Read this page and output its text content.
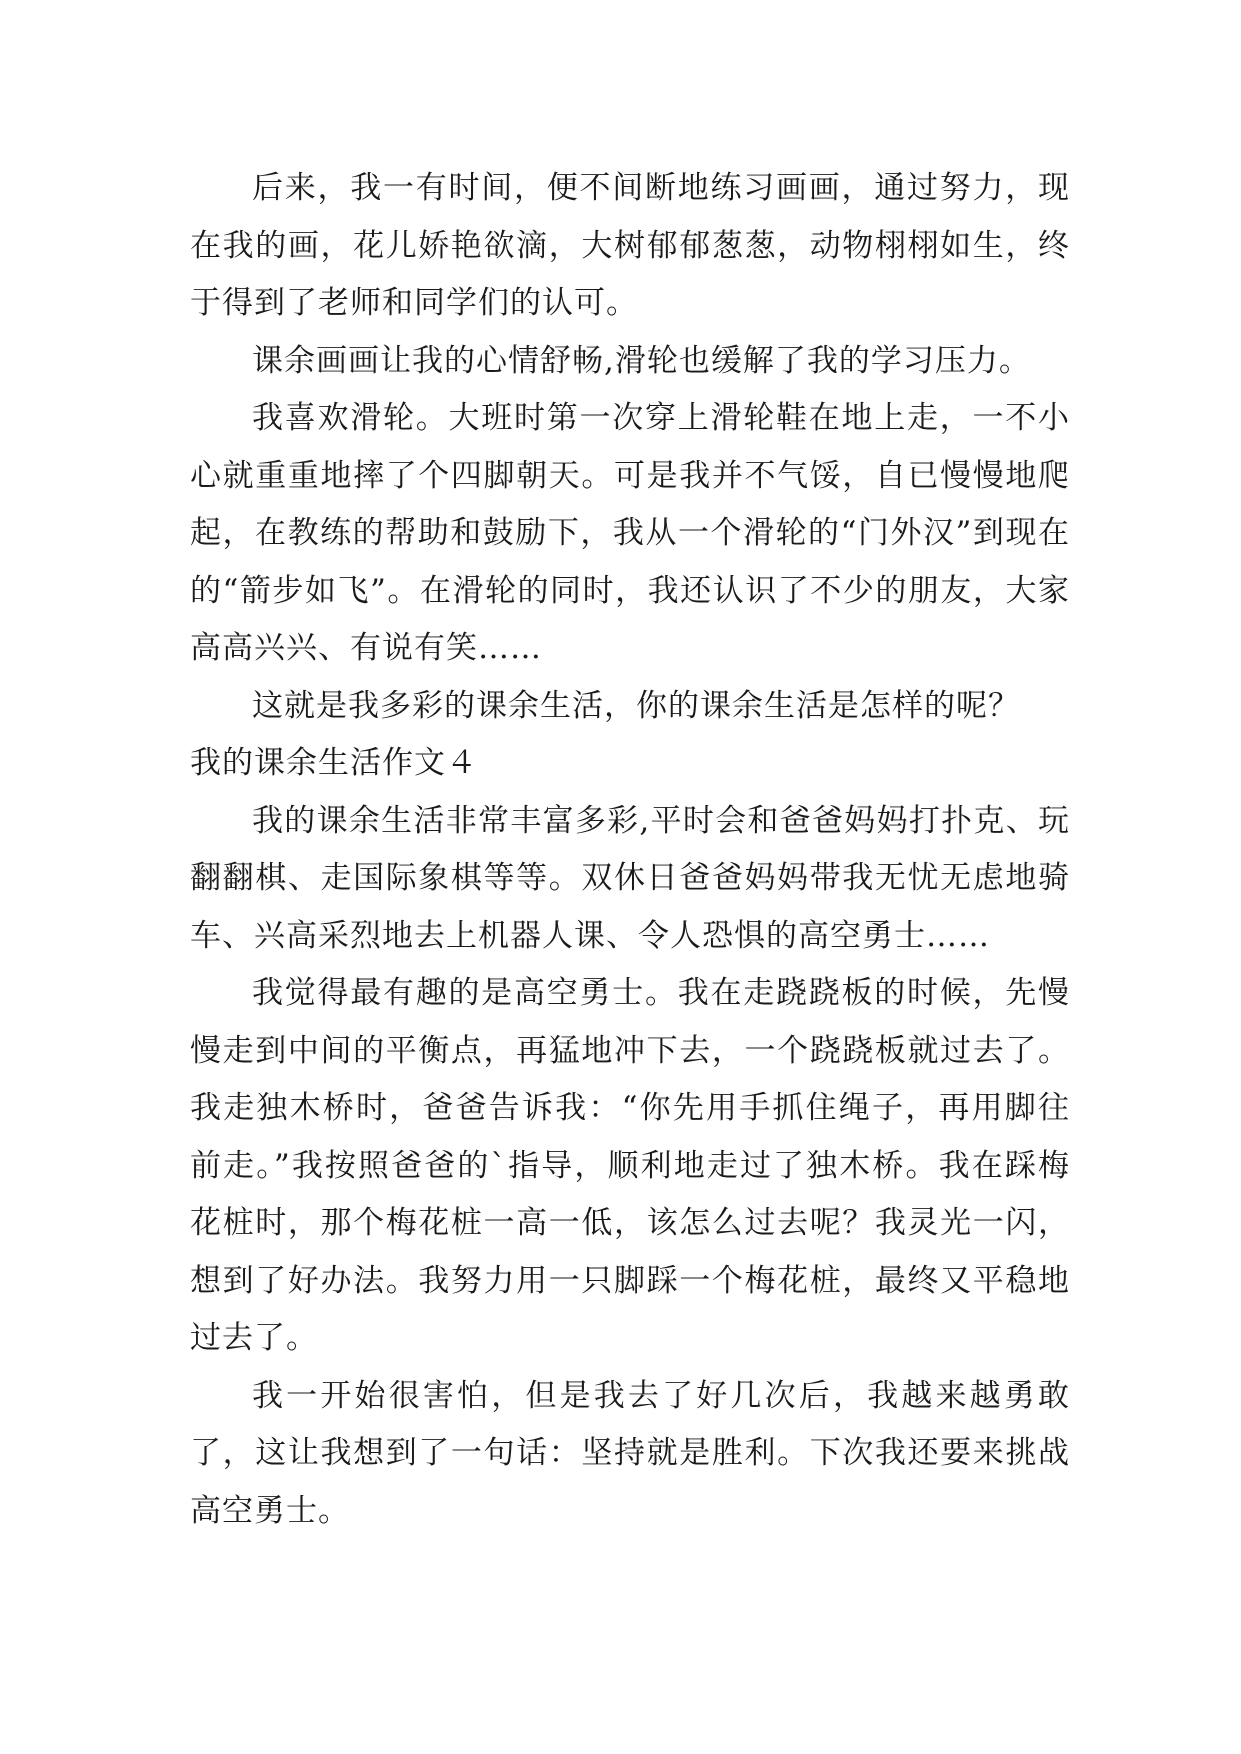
后来，我一有时间，便不间断地练习画画，通过努力，现在我的画，花儿娇艳欲滴，大树郁郁葱葱，动物栩栩如生，终于得到了老师和同学们的认可。

课余画画让我的心情舒畅,滑轮也缓解了我的学习压力。

我喜欢滑轮。大班时第一次穿上滑轮鞋在地上走，一不小心就重重地摔了个四脚朝天。可是我并不气馁，自已慢慢地爬起，在教练的帮助和鼓励下，我从一个滑轮的“门外汉”到现在的“箭步如飞”。在滑轮的同时，我还认识了不少的朋友，大家高高兴兴、有说有笑……

这就是我多彩的课余生活，你的课余生活是怎样的呢？

我的课余生活作文４

我的课余生活非常丰富多彩,平时会和爸爸妈妈打扑克、玩翻翻棋、走国际象棋等等。双休日爸爸妈妈带我无忧无虑地骑车、兴高采烈地去上机器人课、令人恐惧的高空勇士……

我觉得最有趣的是高空勇士。我在走跷跷板的时候，先慢慢走到中间的平衡点，再猛地冲下去，一个跷跷板就过去了。我走独木桥时，爸爸告诉我：“你先用手抓住绳子，再用脚往前走。”我按照爸爸的`指导，顺利地走过了独木桥。我在踩梅花桩时，那个梅花桩一高一低，该怎么过去呢？我灵光一闪，想到了好办法。我努力用一只脚踩一个梅花桩，最终又平稳地过去了。

我一开始很害怕，但是我去了好几次后，我越来越勇敢了，这让我想到了一句话：坚持就是胜利。下次我还要来挑战高空勇士。
